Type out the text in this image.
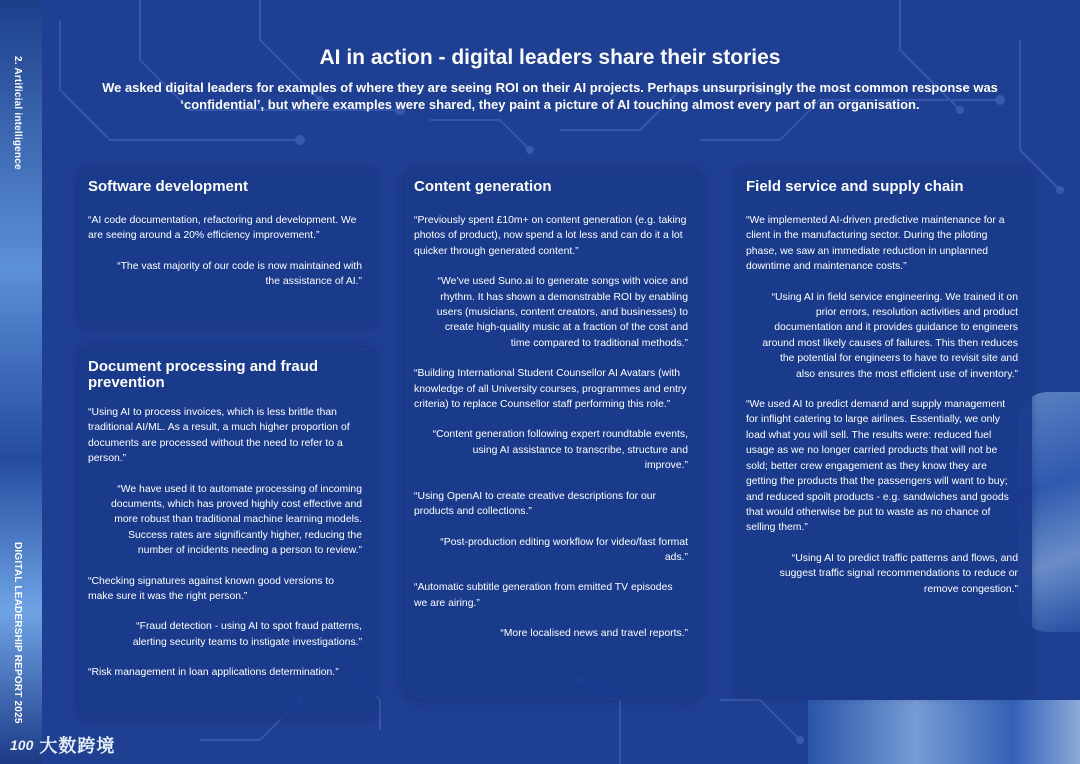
2. Artificial intelligence
DIGITAL LEADERSHIP REPORT 2025
AI in action - digital leaders share their stories

We asked digital leaders for examples of where they are seeing ROI on their AI projects. Perhaps unsurprisingly the most common response was ‘confidential’, but where examples were shared, they paint a picture of AI touching almost every part of an organisation.

Software development

“AI code documentation, refactoring and development. We are seeing around a 20% efficiency improvement.”

“The vast majority of our code is now maintained with the assistance of AI.”

Document processing and fraud prevention

“Using AI to process invoices, which is less brittle than traditional AI/ML. As a result, a much higher proportion of documents are processed without the need to refer to a person.”

“We have used it to automate processing of incoming documents, which has proved highly cost effective and more robust than traditional machine learning models. Success rates are significantly higher, reducing the number of incidents needing a person to review.”

“Checking signatures against known good versions to make sure it was the right person.”

“Fraud detection - using AI to spot fraud patterns, alerting security teams to instigate investigations.”

“Risk management in loan applications determination.”

Content generation

“Previously spent £10m+ on content generation (e.g. taking photos of product), now spend a lot less and can do it a lot quicker through generated content.”

“We’ve used Suno.ai to generate songs with voice and rhythm. It has shown a demonstrable ROI by enabling users (musicians, content creators, and businesses) to create high-quality music at a fraction of the cost and time compared to traditional methods.”

“Building International Student Counsellor AI Avatars (with knowledge of all University courses, programmes and entry criteria) to replace Counsellor staff performing this role.”

“Content generation following expert roundtable events, using AI assistance to transcribe, structure and improve.”

“Using OpenAI to create creative descriptions for our products and collections.”

“Post-production editing workflow for video/fast format ads.”

“Automatic subtitle generation from emitted TV episodes we are airing.”

“More localised news and travel reports.”

Field service and supply chain

“We implemented AI-driven predictive maintenance for a client in the manufacturing sector. During the piloting phase, we saw an immediate reduction in unplanned downtime and maintenance costs.”

“Using AI in field service engineering. We trained it on prior errors, resolution activities and product documentation and it provides guidance to engineers around most likely causes of failures. This then reduces the potential for engineers to have to revisit site and also ensures the most efficient use of inventory.”

“We used AI to predict demand and supply management for inflight catering to large airlines. Essentially, we only load what you will sell. The results were: reduced fuel usage as we no longer carried products that will not be sold; better crew engagement as they know they are getting the products that the passengers will want to buy; and reduced spoilt products - e.g. sandwiches and goods that would otherwise be put to waste as no chance of selling them.”

“Using AI to predict traffic patterns and flows, and suggest traffic signal recommendations to reduce or remove congestion.”

100 大数跨境
